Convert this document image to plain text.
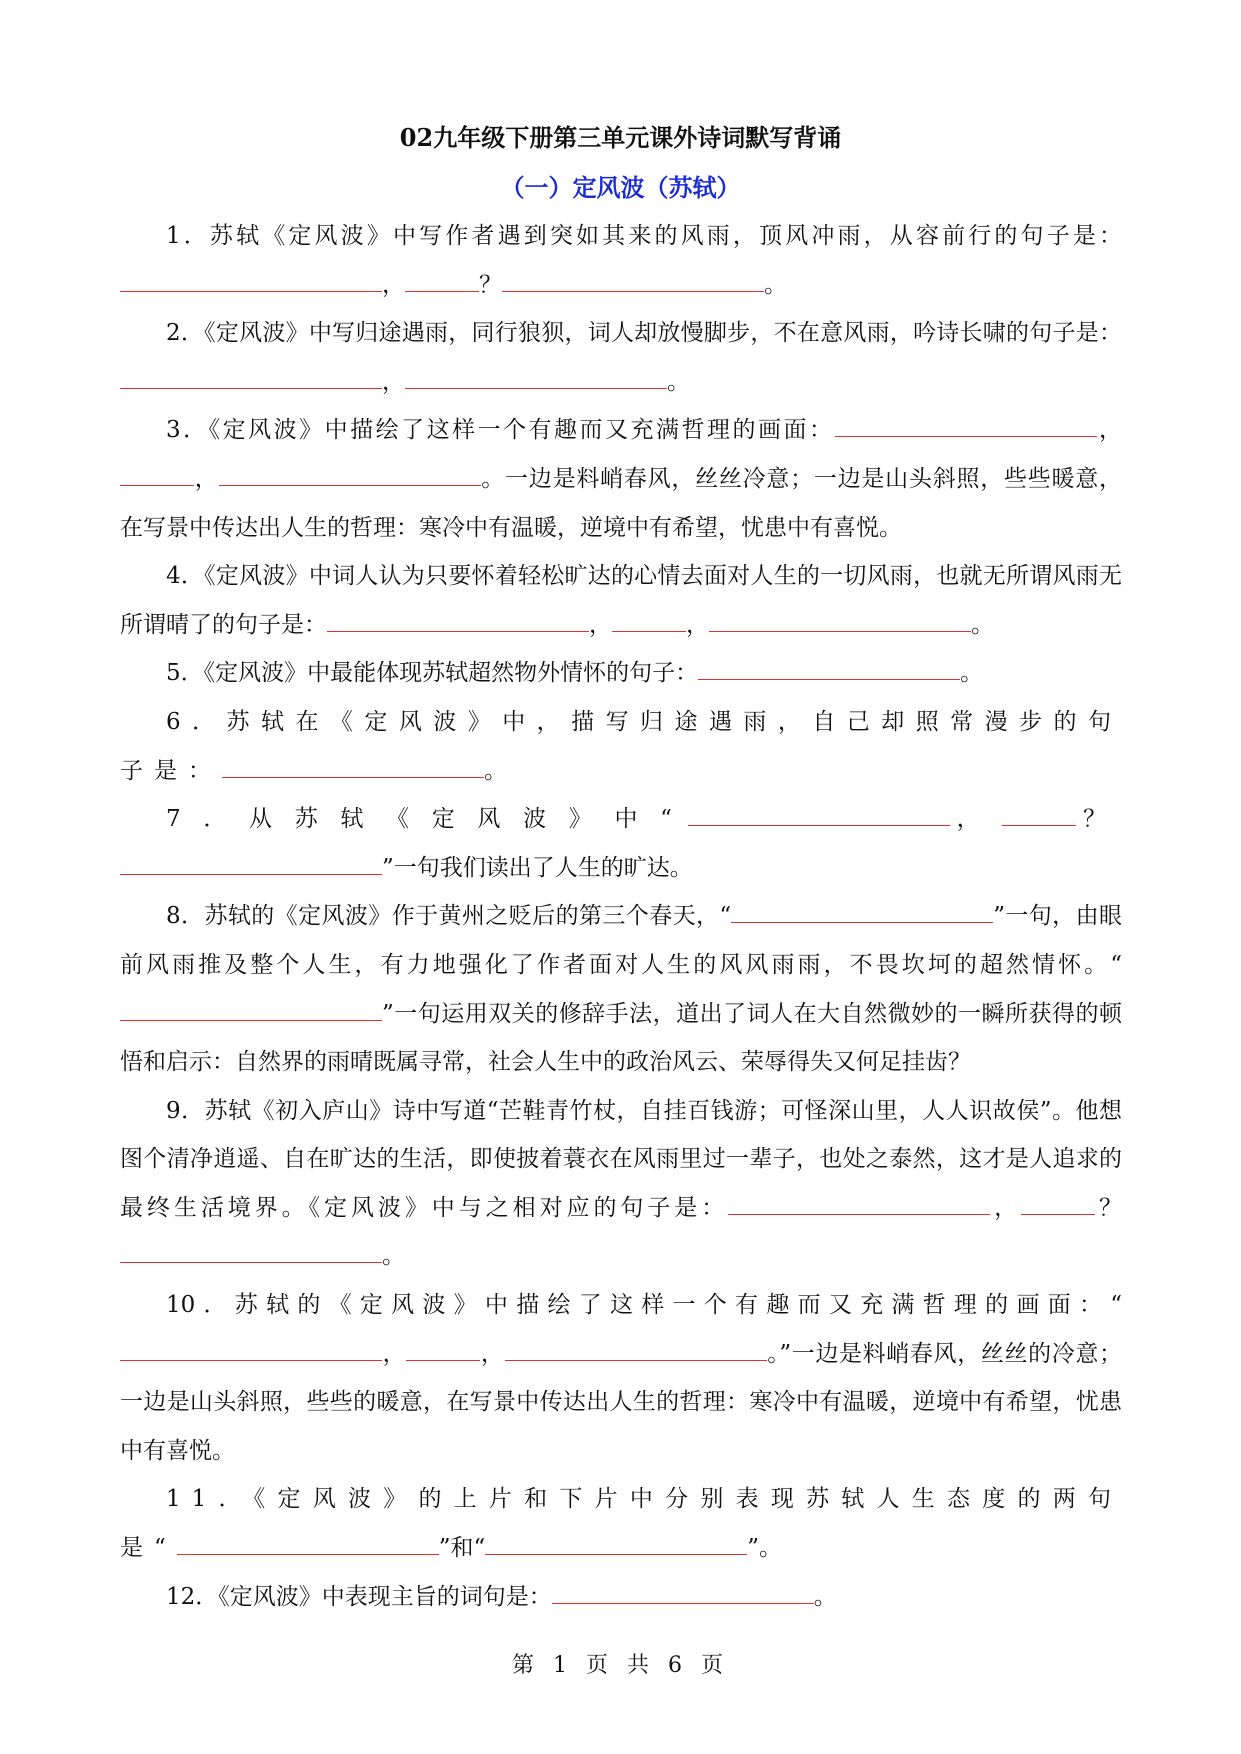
02九年级下册第三单元课外诗词默写背诵
（一）定风波（苏轼）

1．苏轼《定风波》中写作者遇到突如其来的风雨，顶风冲雨，从容前行的句子是：，	？	。

2．《定风波》中写归途遇雨，同行狼狈，词人却放慢脚步，不在意风雨，吟诗长啸的句子是：，	。

3．《定风波》中描绘了这样一个有趣而又充满哲理的画面：	，，	。一边是料峭春风，丝丝冷意；一边是山头斜照，些些暖意，在写景中传达出人生的哲理：寒冷中有温暖，逆境中有希望，忧患中有喜悦。

4．《定风波》中词人认为只要怀着轻松旷达的心情去面对人生的一切风雨，也就无所谓风雨无所谓晴了的句子是：	，	，	。

5．《定风波》中最能体现苏轼超然物外情怀的句子：	。

6．苏轼在《定风波》中，描写归途遇雨，自己却照常漫步的句子是：	。

7．从苏轼《定风波》中“	，	？”一句我们读出了人生的旷达。

8．苏轼的《定风波》作于黄州之贬后的第三个春天，“	”一句，由眼前风雨推及整个人生，有力地强化了作者面对人生的风风雨雨，不畏坎坷的超然情怀。“”一句运用双关的修辞手法，道出了词人在大自然微妙的一瞬所获得的顿悟和启示：自然界的雨晴既属寻常，社会人生中的政治风云、荣辱得失又何足挂齿？

9．苏轼《初入庐山》诗中写道“芒鞋青竹杖，自挂百钱游；可怪深山里，人人识故侯”。他想图个清净逍遥、自在旷达的生活，即使披着蓑衣在风雨里过一辈子，也处之泰然，这才是人追求的最终生活境界。《定风波》中与之相对应的句子是：	，	？。

10．苏轼的《定风波》中描绘了这样一个有趣而又充满哲理的画面：“，	，	。”一边是料峭春风，丝丝的冷意；一边是山头斜照，些些的暖意，在写景中传达出人生的哲理：寒冷中有温暖，逆境中有希望，忧患中有喜悦。

11．《定风波》的上片和下片中分别表现苏轼人生态度的两句是“	”和“	”。

12．《定风波》中表现主旨的词句是：	。

第 1 页 共 6 页
